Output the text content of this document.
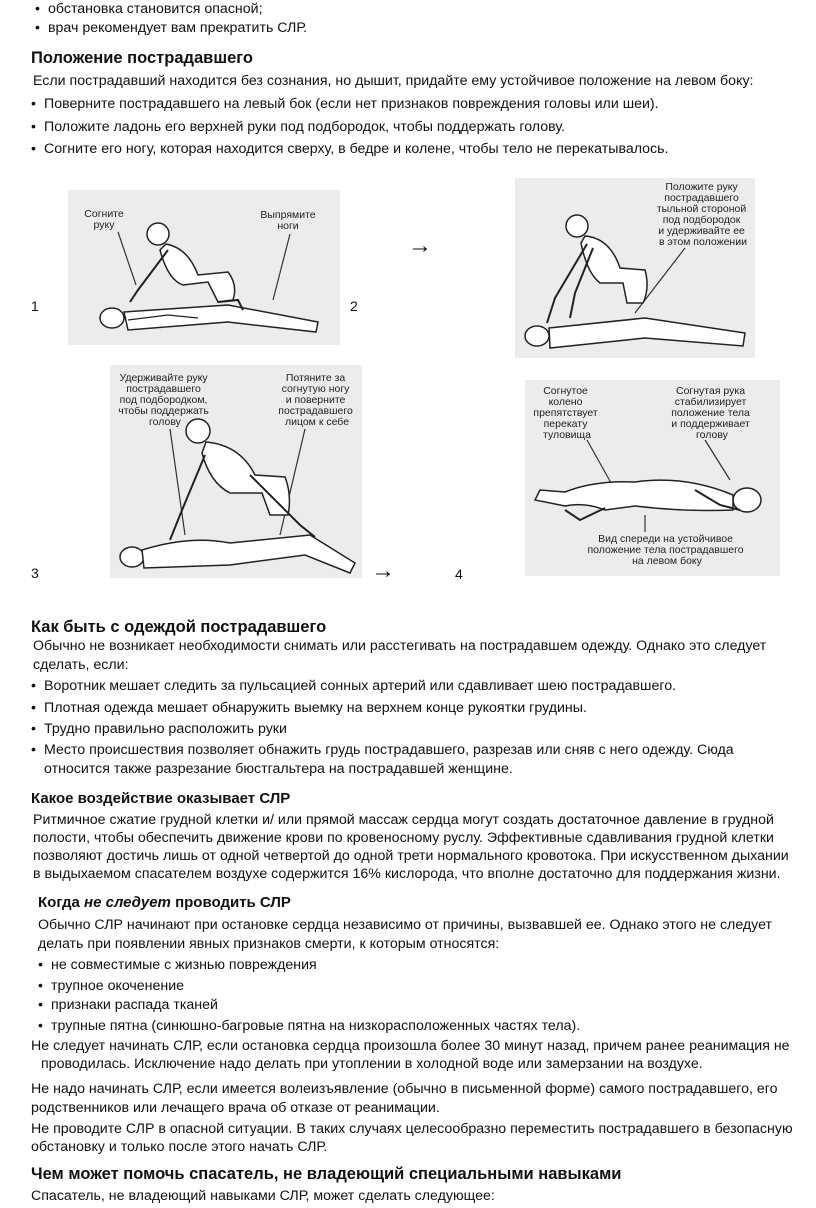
• обстановка становится опасной;
• врач рекомендует вам прекратить СЛР.
Положение пострадавшего
Если пострадавший находится без сознания, но дышит, придайте ему устойчивое положение на левом боку:
• Поверните пострадавшего на левый бок (если нет признаков повреждения головы или шеи).
• Положите ладонь его верхней руки под подбородок, чтобы поддержать голову.
• Согните его ногу, которая находится сверху, в бедре и колене, чтобы тело не перекатывалось.
Согните руку
Выпрямите ноги
1
→
2
Положите руку пострадавшего тыльной стороной под подбородок и удерживайте ее в этом положении
Удерживайте руку пострадавшего под подбородком, чтобы поддержать голову
Потяните за согнутую ногу и поверните пострадавшего лицом к себе
3	→	4
Согнутое колено препятствует перекату туловища
Согнутая рука стабилизирует положение тела и поддерживает голову
Вид спереди на устойчивое положение тела пострадавшего на левом боку
Как быть с одеждой пострадавшего
Обычно не возникает необходимости снимать или расстегивать на пострадавшем одежду. Однако это следует
сделать, если:
• Воротник мешает следить за пульсацией сонных артерий или сдавливает шею пострадавшего.
• Плотная одежда мешает обнаружить выемку на верхнем конце рукоятки грудины.
• Трудно правильно расположить руки
• Место происшествия позволяет обнажить грудь пострадавшего, разрезав или сняв с него одежду. Сюда
относится также разрезание бюстгальтера на пострадавшей женщине.
Какое воздействие оказывает СЛР
Ритмичное сжатие грудной клетки и/ или прямой массаж сердца могут создать достаточное давление в грудной
полости, чтобы обеспечить движение крови по кровеносному руслу. Эффективные сдавливания грудной клетки
позволяют достичь лишь от одной четвертой до одной трети нормального кровотока. При искусственном дыхании
в выдыхаемом спасателем воздухе содержится 16% кислорода, что вполне достаточно для поддержания жизни.
Когда не следует проводить СЛР
Обычно СЛР начинают при остановке сердца независимо от причины, вызвавшей ее. Однако этого не следует
делать при появлении явных признаков смерти, к которым относятся:
• не совместимые с жизнью повреждения
• трупное окоченение
• признаки распада тканей
• трупные пятна (синюшно-багровые пятна на низкорасположенных частях тела).
Не следует начинать СЛР, если остановка сердца произошла более 30 минут назад, причем ранее реанимация не
проводилась. Исключение надо делать при утоплении в холодной воде или замерзании на воздухе.
Не надо начинать СЛР, если имеется волеизъявление (обычно в письменной форме) самого пострадавшего, его
родственников или лечащего врача об отказе от реанимации.
Не проводите СЛР в опасной ситуации. В таких случаях целесообразно переместить пострадавшего в безопасную
обстановку и только после этого начать СЛР.
Чем может помочь спасатель, не владеющий специальными навыками
Спасатель, не владеющий навыками СЛР, может сделать следующее:
